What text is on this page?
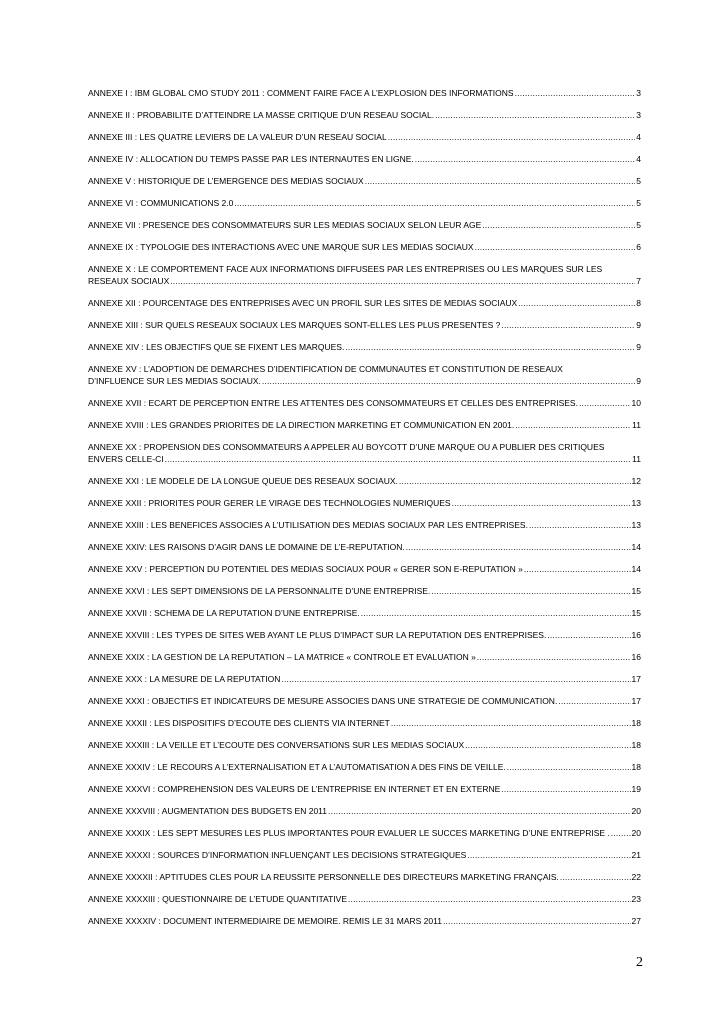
ANNEXE I : IBM GLOBAL CMO STUDY 2011 : COMMENT FAIRE FACE A L’EXPLOSION DES INFORMATIONS .....	3
ANNEXE II : PROBABILITE D’ATTEINDRE LA MASSE CRITIQUE D’UN RESEAU SOCIAL. .....	3
ANNEXE III : LES QUATRE LEVIERS DE LA VALEUR D’UN RESEAU SOCIAL .....	4
ANNEXE IV : ALLOCATION DU TEMPS PASSE PAR LES INTERNAUTES EN LIGNE. .....	4
ANNEXE V : HISTORIQUE DE L’EMERGENCE DES MEDIAS SOCIAUX .....	5
ANNEXE VI : COMMUNICATIONS 2.0 .....	5
ANNEXE VII : PRESENCE DES CONSOMMATEURS SUR LES MEDIAS SOCIAUX SELON LEUR AGE .....	5
ANNEXE IX : TYPOLOGIE DES INTERACTIONS AVEC UNE MARQUE SUR LES MEDIAS SOCIAUX .....	6
ANNEXE X : LE COMPORTEMENT FACE AUX INFORMATIONS DIFFUSEES PAR LES ENTREPRISES OU LES MARQUES SUR LES
RESEAUX SOCIAUX .....	7
ANNEXE XII : POURCENTAGE DES ENTREPRISES AVEC UN PROFIL SUR LES SITES DE MEDIAS SOCIAUX .....	8
ANNEXE XIII : SUR QUELS RESEAUX SOCIAUX LES MARQUES SONT-ELLES LES PLUS PRESENTES ? .....	9
ANNEXE XIV : LES OBJECTIFS QUE SE FIXENT LES MARQUES. .....	9
ANNEXE XV : L’ADOPTION DE DEMARCHES D’IDENTIFICATION DE COMMUNAUTES ET CONSTITUTION DE RESEAUX
D’INFLUENCE SUR LES MEDIAS SOCIAUX. .....	9
ANNEXE XVII : ECART DE PERCEPTION ENTRE LES ATTENTES DES CONSOMMATEURS ET CELLES DES ENTREPRISES. .....	10
ANNEXE XVIII : LES GRANDES PRIORITES DE LA DIRECTION MARKETING ET COMMUNICATION EN 2001. .....	11
ANNEXE XX : PROPENSION DES CONSOMMATEURS A APPELER AU BOYCOTT D’UNE MARQUE OU A PUBLIER DES CRITIQUES
ENVERS CELLE-CI .....	11
ANNEXE XXI : LE MODELE DE LA LONGUE QUEUE DES RESEAUX SOCIAUX. .....	12
ANNEXE XXII : PRIORITES POUR GERER LE VIRAGE DES TECHNOLOGIES NUMERIQUES .....	13
ANNEXE XXIII : LES BENEFICES ASSOCIES A L’UTILISATION DES MEDIAS SOCIAUX PAR LES ENTREPRISES. .....	13
ANNEXE XXIV: LES RAISONS D’AGIR DANS LE DOMAINE DE L’E-REPUTATION. .....	14
ANNEXE XXV : PERCEPTION DU POTENTIEL DES MEDIAS SOCIAUX POUR « GERER SON E-REPUTATION » .....	14
ANNEXE XXVI : LES SEPT DIMENSIONS DE LA PERSONNALITE D’UNE ENTREPRISE. .....	15
ANNEXE XXVII : SCHEMA DE LA REPUTATION D’UNE ENTREPRISE. .....	15
ANNEXE XXVIII : LES TYPES DE SITES WEB AYANT LE PLUS D’IMPACT SUR LA REPUTATION DES ENTREPRISES. .....	16
ANNEXE XXIX : LA GESTION DE LA REPUTATION – LA MATRICE « CONTROLE ET EVALUATION » .....	16
ANNEXE XXX : LA MESURE DE LA REPUTATION .....	17
ANNEXE XXXI : OBJECTIFS ET INDICATEURS DE MESURE ASSOCIES DANS UNE STRATEGIE DE COMMUNICATION. .....	17
ANNEXE XXXII : LES DISPOSITIFS D’ECOUTE DES CLIENTS VIA INTERNET .....	18
ANNEXE XXXIII : LA VEILLE ET L’ECOUTE DES CONVERSATIONS SUR LES MEDIAS SOCIAUX .....	18
ANNEXE XXXIV : LE RECOURS A L’EXTERNALISATION ET A L’AUTOMATISATION A DES FINS DE VEILLE. .....	18
ANNEXE XXXVI : COMPREHENSION DES VALEURS DE L’ENTREPRISE EN INTERNET ET EN EXTERNE .....	19
ANNEXE XXXVIII : AUGMENTATION DES BUDGETS EN 2011 .....	20
ANNEXE XXXIX : LES SEPT MESURES LES PLUS IMPORTANTES POUR EVALUER LE SUCCES MARKETING D’UNE ENTREPRISE . .....	20
ANNEXE XXXXI : SOURCES D’INFORMATION INFLUENÇANT LES DECISIONS STRATEGIQUES .....	21
ANNEXE XXXXII : APTITUDES CLES POUR LA REUSSITE PERSONNELLE DES DIRECTEURS MARKETING FRANÇAIS. .....	22
ANNEXE XXXXIII : QUESTIONNAIRE DE L’ETUDE QUANTITATIVE .....	23
ANNEXE XXXXIV : DOCUMENT INTERMEDIAIRE DE MEMOIRE. REMIS LE 31 MARS 2011 .....	27
2
